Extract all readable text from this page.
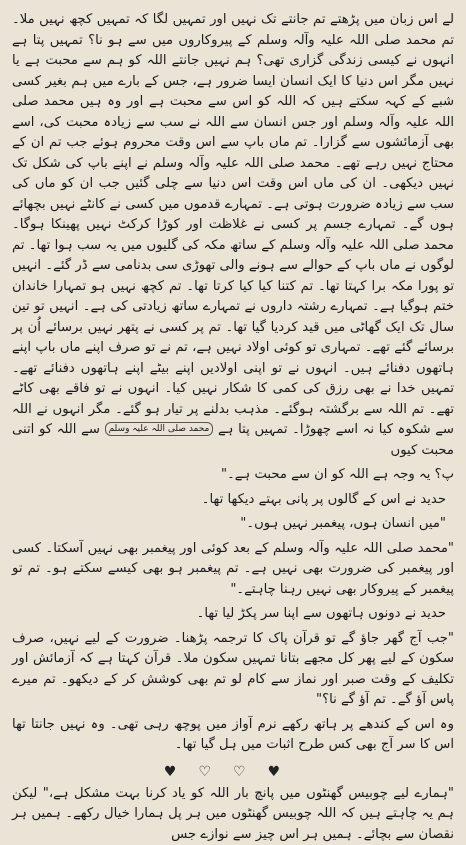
لے اس زبان میں پڑھتے تم جانتے تک نہیں اور تمہیں لگا کہ تمہیں کچھ نہیں ملا۔ تم محمد صلی اللہ علیہ وآلہ وسلم کے پیروکاروں میں سے ہو نا؟ تمہیں پتا ہے انہوں نے کیسی زندگی گزاری تھی؟ ہم نہیں جانتے اللہ کو ہم سے محبت ہے یا نہیں مگر اس دنیا کا ایک انسان ایسا ضرور ہے، جس کے بارے میں ہم بغیر کسی شبے کے کہہ سکتے ہیں کہ اللہ کو اس سے محبت ہے اور وہ ہیں محمد صلی اللہ علیہ وآلہ وسلم اور جس انسان سے اللہ نے سب سے زیادہ محبت کی، اسے بھی آزمائشوں سے گزارا۔ تم ماں باپ سے اس وقت محروم ہوئے جب تم ان کے محتاج نہیں رہے تھے۔ محمد صلی اللہ علیہ وآلہ وسلم نے اپنے باپ کی شکل تک نہیں دیکھی۔ ان کی ماں اس وقت اس دنیا سے چلی گئیں جب ان کو ماں کی سب سے زیادہ ضرورت ہوتی ہے۔ تمہارے قدموں میں کسی نے کانٹے نہیں بچھائے ہوں گے۔ تمہارے جسم پر کسی نے غلاظت اور کوڑا کرکٹ نہیں پھینکا ہوگا۔ محمد صلی اللہ علیہ وآلہ وسلم کے ساتھ مکہ کی گلیوں میں یہ سب ہوا تھا۔ تم لوگوں نے ماں باپ کے حوالے سے ہونے والی تھوڑی سی بدنامی سے ڈر گئے۔ انہیں تو پورا مکہ برا کہتا تھا۔ تم کتنا کیا کیا کرتا تھا۔ تم کچھ نہیں ہو تمہارا خاندان ختم ہوگیا ہے۔ تمہارے رشتہ داروں نے تمہارے ساتھ زیادتی کی ہے۔ انہیں تو تین سال تک ایک گھاٹی میں قید کردیا گیا تھا۔ تم پر کسی نے پتھر نہیں برسائے اُن پر برسائے گئے تھے۔ تمہاری تو کوئی اولاد نہیں ہے، تم نے تو صرف اپنے ماں باپ اپنے ہاتھوں دفنائے ہیں۔ انہوں نے تو اپنی اولادیں اپنے بیٹے اپنے ہاتھوں دفنائے تھے۔ تمہیں خدا نے بھی رزق کی کمی کا شکار نہیں کیا۔ انہوں نے تو فاقے بھی کاٹے تھے۔ تم اللہ سے برگشتہ ہوگئے۔ مذہب بدلنے پر تیار ہو گئے۔ مگر انہوں نے اللہ سے شکوہ کیا نہ اسے چھوڑا۔ تمہیں پتا ہے محمد صلی اللہ علیہ وسلم سے اللہ کو اتنی محبت کیوں

پ؟ یہ وجہ ہے اللہ کو ان سے محبت ہے۔"

حدید نے اس کے گالوں پر پانی بہتے دیکھا تھا۔

"میں انسان ہوں، پیغمبر نہیں ہوں۔"

"محمد صلی اللہ علیہ وآلہ وسلم کے بعد کوئی اور پیغمبر بھی نہیں آسکتا۔ کسی اور پیغمبر کی ضرورت بھی نہیں ہے۔ تم پیغمبر ہو بھی کیسے سکتے ہو۔ تم تو پیغمبر کے پیروکار بھی نہیں رہنا چاہتے۔"

حدید نے دونوں ہاتھوں سے اپنا سر پکڑ لیا تھا۔

"جب آج گھر جاؤ گے تو قرآن پاک کا ترجمہ پڑھنا۔ ضرورت کے لیے نہیں، صرف سکون کے لیے پھر کل مجھے بتانا تمہیں سکون ملا۔ قرآن کہتا ہے کہ آزمائش اور تکلیف کے وقت صبر اور نماز سے کام لو تم بھی کوشش کر کے دیکھو۔ تم میرے پاس آؤ گے۔ تم آؤ گے نا؟"

وہ اس کے کندھے پر ہاتھ رکھے نرم آواز میں پوچھ رہی تھی۔ وہ نہیں جانتا تھا اس کا سر آج بھی کس طرح اثبات میں ہل گیا تھا۔

♥♡♡♥

"ہمارے لیے چوبیس گھنٹوں میں پانچ بار اللہ کو یاد کرنا بہت مشکل ہے،" لیکن ہم یہ چاہتے ہیں کہ اللہ چوبیس گھنٹوں میں ہر پل ہمارا خیال رکھے۔ ہمیں ہر نقصان سے بچائے۔ ہمیں ہر اس چیز سے نوازے جس
